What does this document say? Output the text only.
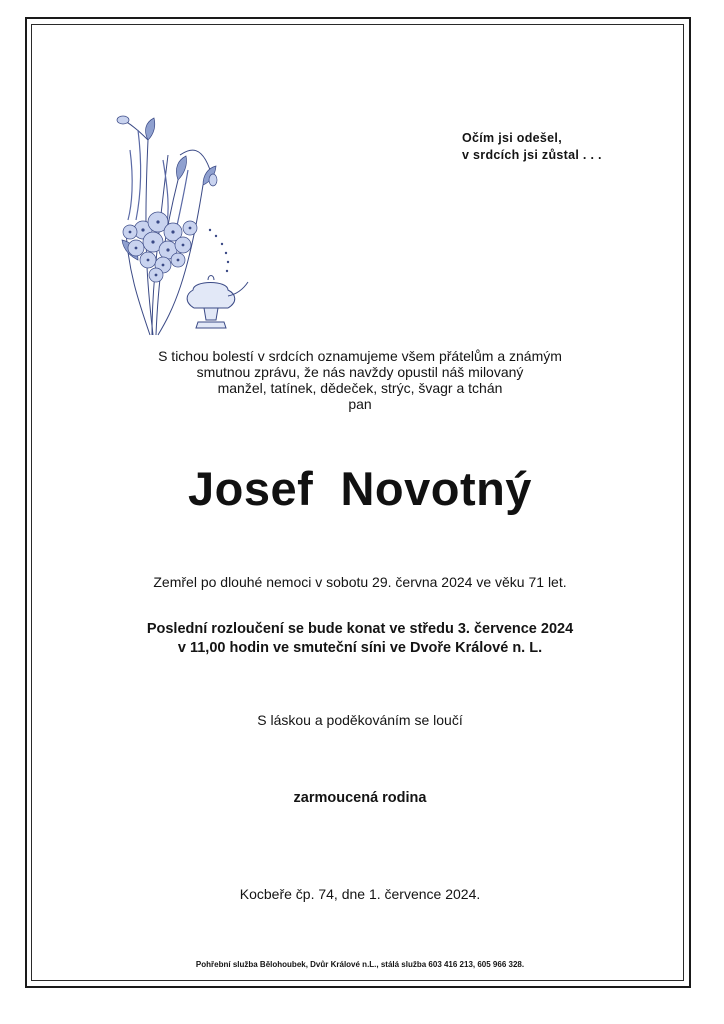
Očím jsi odešel,
v srdcích jsi zůstal . . .
S tichou bolestí v srdcích oznamujeme všem přátelům a známým
smutnou zprávu, že nás navždy opustil náš milovaný
manžel, tatínek, dědeček, strýc, švagr a tchán
pan
Josef  Novotný
Zemřel po dlouhé nemoci v sobotu 29. června 2024 ve věku 71 let.
Poslední rozloučení se bude konat ve středu 3. července 2024
v 11,00 hodin ve smuteční síni ve Dvoře Králové n. L.
S láskou a poděkováním se loučí
zarmoucená rodina
Kocbeře čp. 74, dne 1. července 2024.
Pohřební služba Bělohoubek, Dvůr Králové n.L., stálá služba 603 416 213, 605 966 328.
